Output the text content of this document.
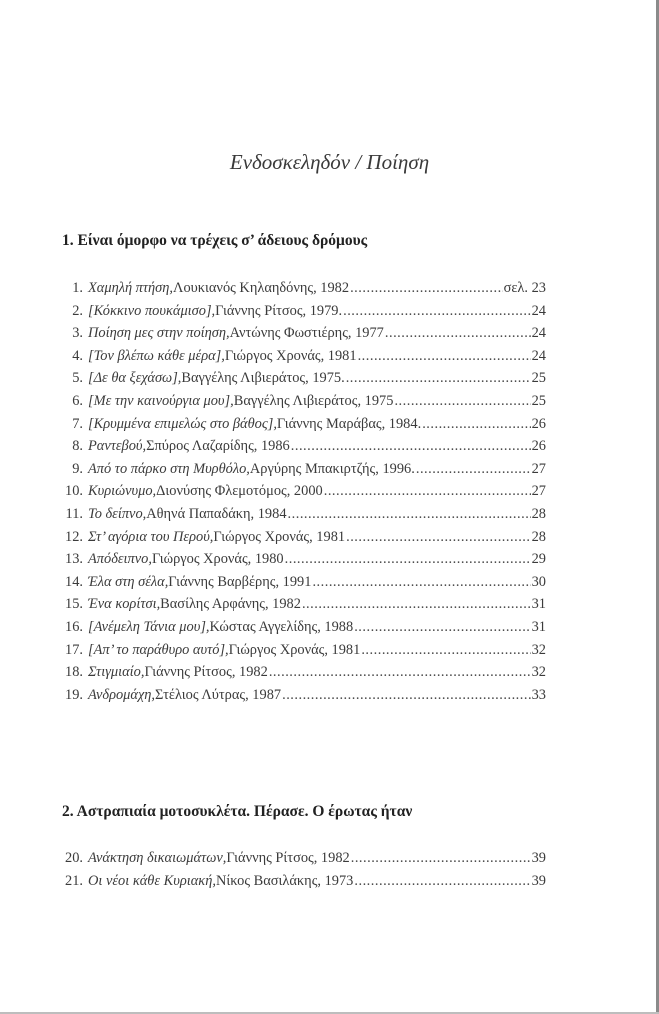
Ενδοσκεληδόν / Ποίηση
1. Είναι όμορφο να τρέχεις σ’ άδειους δρόμους
1. Χαμηλή πτήση, Λουκιανός Κηλαηδόνης, 1982 .....	σελ. 23
2. [Κόκκινο πουκάμισο], Γιάννης Ρίτσος, 1979. .....	24
3. Ποίηση μες στην ποίηση, Αντώνης Φωστιέρης, 1977 .....	24
4. [Τον βλέπω κάθε μέρα], Γιώργος Χρονάς, 1981 .....	24
5. [Δε θα ξεχάσω], Βαγγέλης Λιβιεράτος, 1975. .....	25
6. [Με την καινούργια μου], Βαγγέλης Λιβιεράτος, 1975 .....	25
7. [Κρυμμένα επιμελώς στο βάθος], Γιάννης Μαράβας, 1984. .....	26
8. Ραντεβού, Σπύρος Λαζαρίδης, 1986 .....	26
9. Από το πάρκο στη Μυρθόλο, Αργύρης Μπακιρτζής, 1996. .....	27
10. Κυριώνυμο, Διονύσης Φλεμοτόμος, 2000 .....	27
11. Το δείπνο, Αθηνά Παπαδάκη, 1984 .....	28
12. Στ’ αγόρια του Περού, Γιώργος Χρονάς, 1981 .....	28
13. Απόδειπνο, Γιώργος Χρονάς, 1980 .....	29
14. Έλα στη σέλα, Γιάννης Βαρβέρης, 1991 .....	30
15. Ένα κορίτσι, Βασίλης Αρφάνης, 1982 .....	31
16. [Ανέμελη Τάνια μου], Κώστας Αγγελίδης, 1988 .....	31
17. [Απ’ το παράθυρο αυτό], Γιώργος Χρονάς, 1981 .....	32
18. Στιγμιαίο, Γιάννης Ρίτσος, 1982 .....	32
19. Ανδρομάχη, Στέλιος Λύτρας, 1987 .....	33
2. Αστραπιαία μοτοσυκλέτα. Πέρασε. Ο έρωτας ήταν
20. Ανάκτηση δικαιωμάτων, Γιάννης Ρίτσος, 1982 .....	39
21. Οι νέοι κάθε Κυριακή, Νίκος Βασιλάκης, 1973 .....	39
